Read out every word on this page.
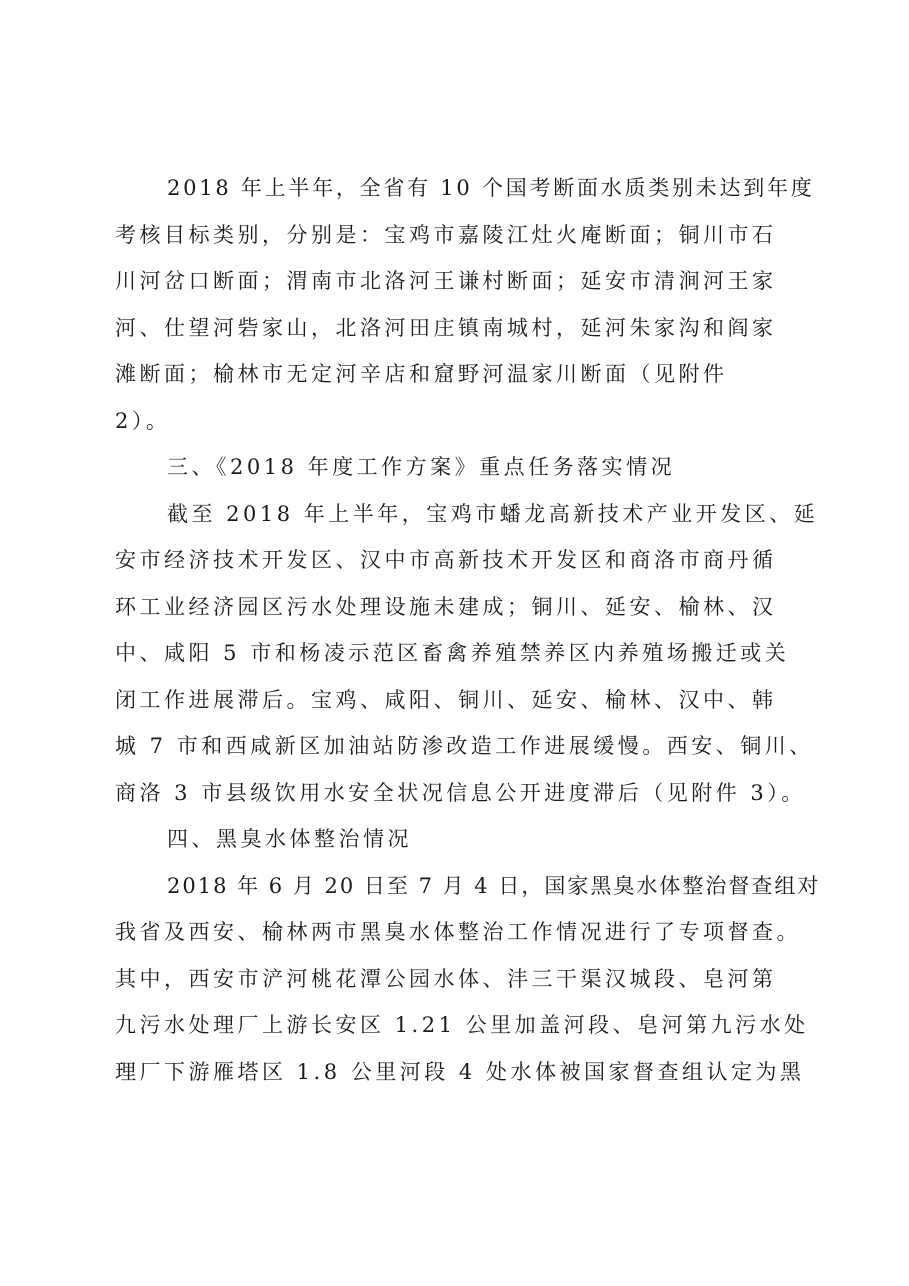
2018 年上半年，全省有 10 个国考断面水质类别未达到年度
考核目标类别，分别是：宝鸡市嘉陵江灶火庵断面；铜川市石
川河岔口断面；渭南市北洛河王谦村断面；延安市清涧河王家
河、仕望河砦家山，北洛河田庄镇南城村，延河朱家沟和阎家
滩断面；榆林市无定河辛店和窟野河温家川断面（见附件
2）。
三、《2018 年度工作方案》重点任务落实情况
截至 2018 年上半年，宝鸡市蟠龙高新技术产业开发区、延
安市经济技术开发区、汉中市高新技术开发区和商洛市商丹循
环工业经济园区污水处理设施未建成；铜川、延安、榆林、汉
中、咸阳 5 市和杨凌示范区畜禽养殖禁养区内养殖场搬迁或关
闭工作进展滞后。宝鸡、咸阳、铜川、延安、榆林、汉中、韩
城 7 市和西咸新区加油站防渗改造工作进展缓慢。西安、铜川、
商洛 3 市县级饮用水安全状况信息公开进度滞后（见附件 3）。
四、黑臭水体整治情况
2018 年 6 月 20 日至 7 月 4 日，国家黑臭水体整治督查组对
我省及西安、榆林两市黑臭水体整治工作情况进行了专项督查。
其中，西安市浐河桃花潭公园水体、沣三干渠汉城段、皂河第
九污水处理厂上游长安区 1.21 公里加盖河段、皂河第九污水处
理厂下游雁塔区 1.8 公里河段 4 处水体被国家督查组认定为黑
